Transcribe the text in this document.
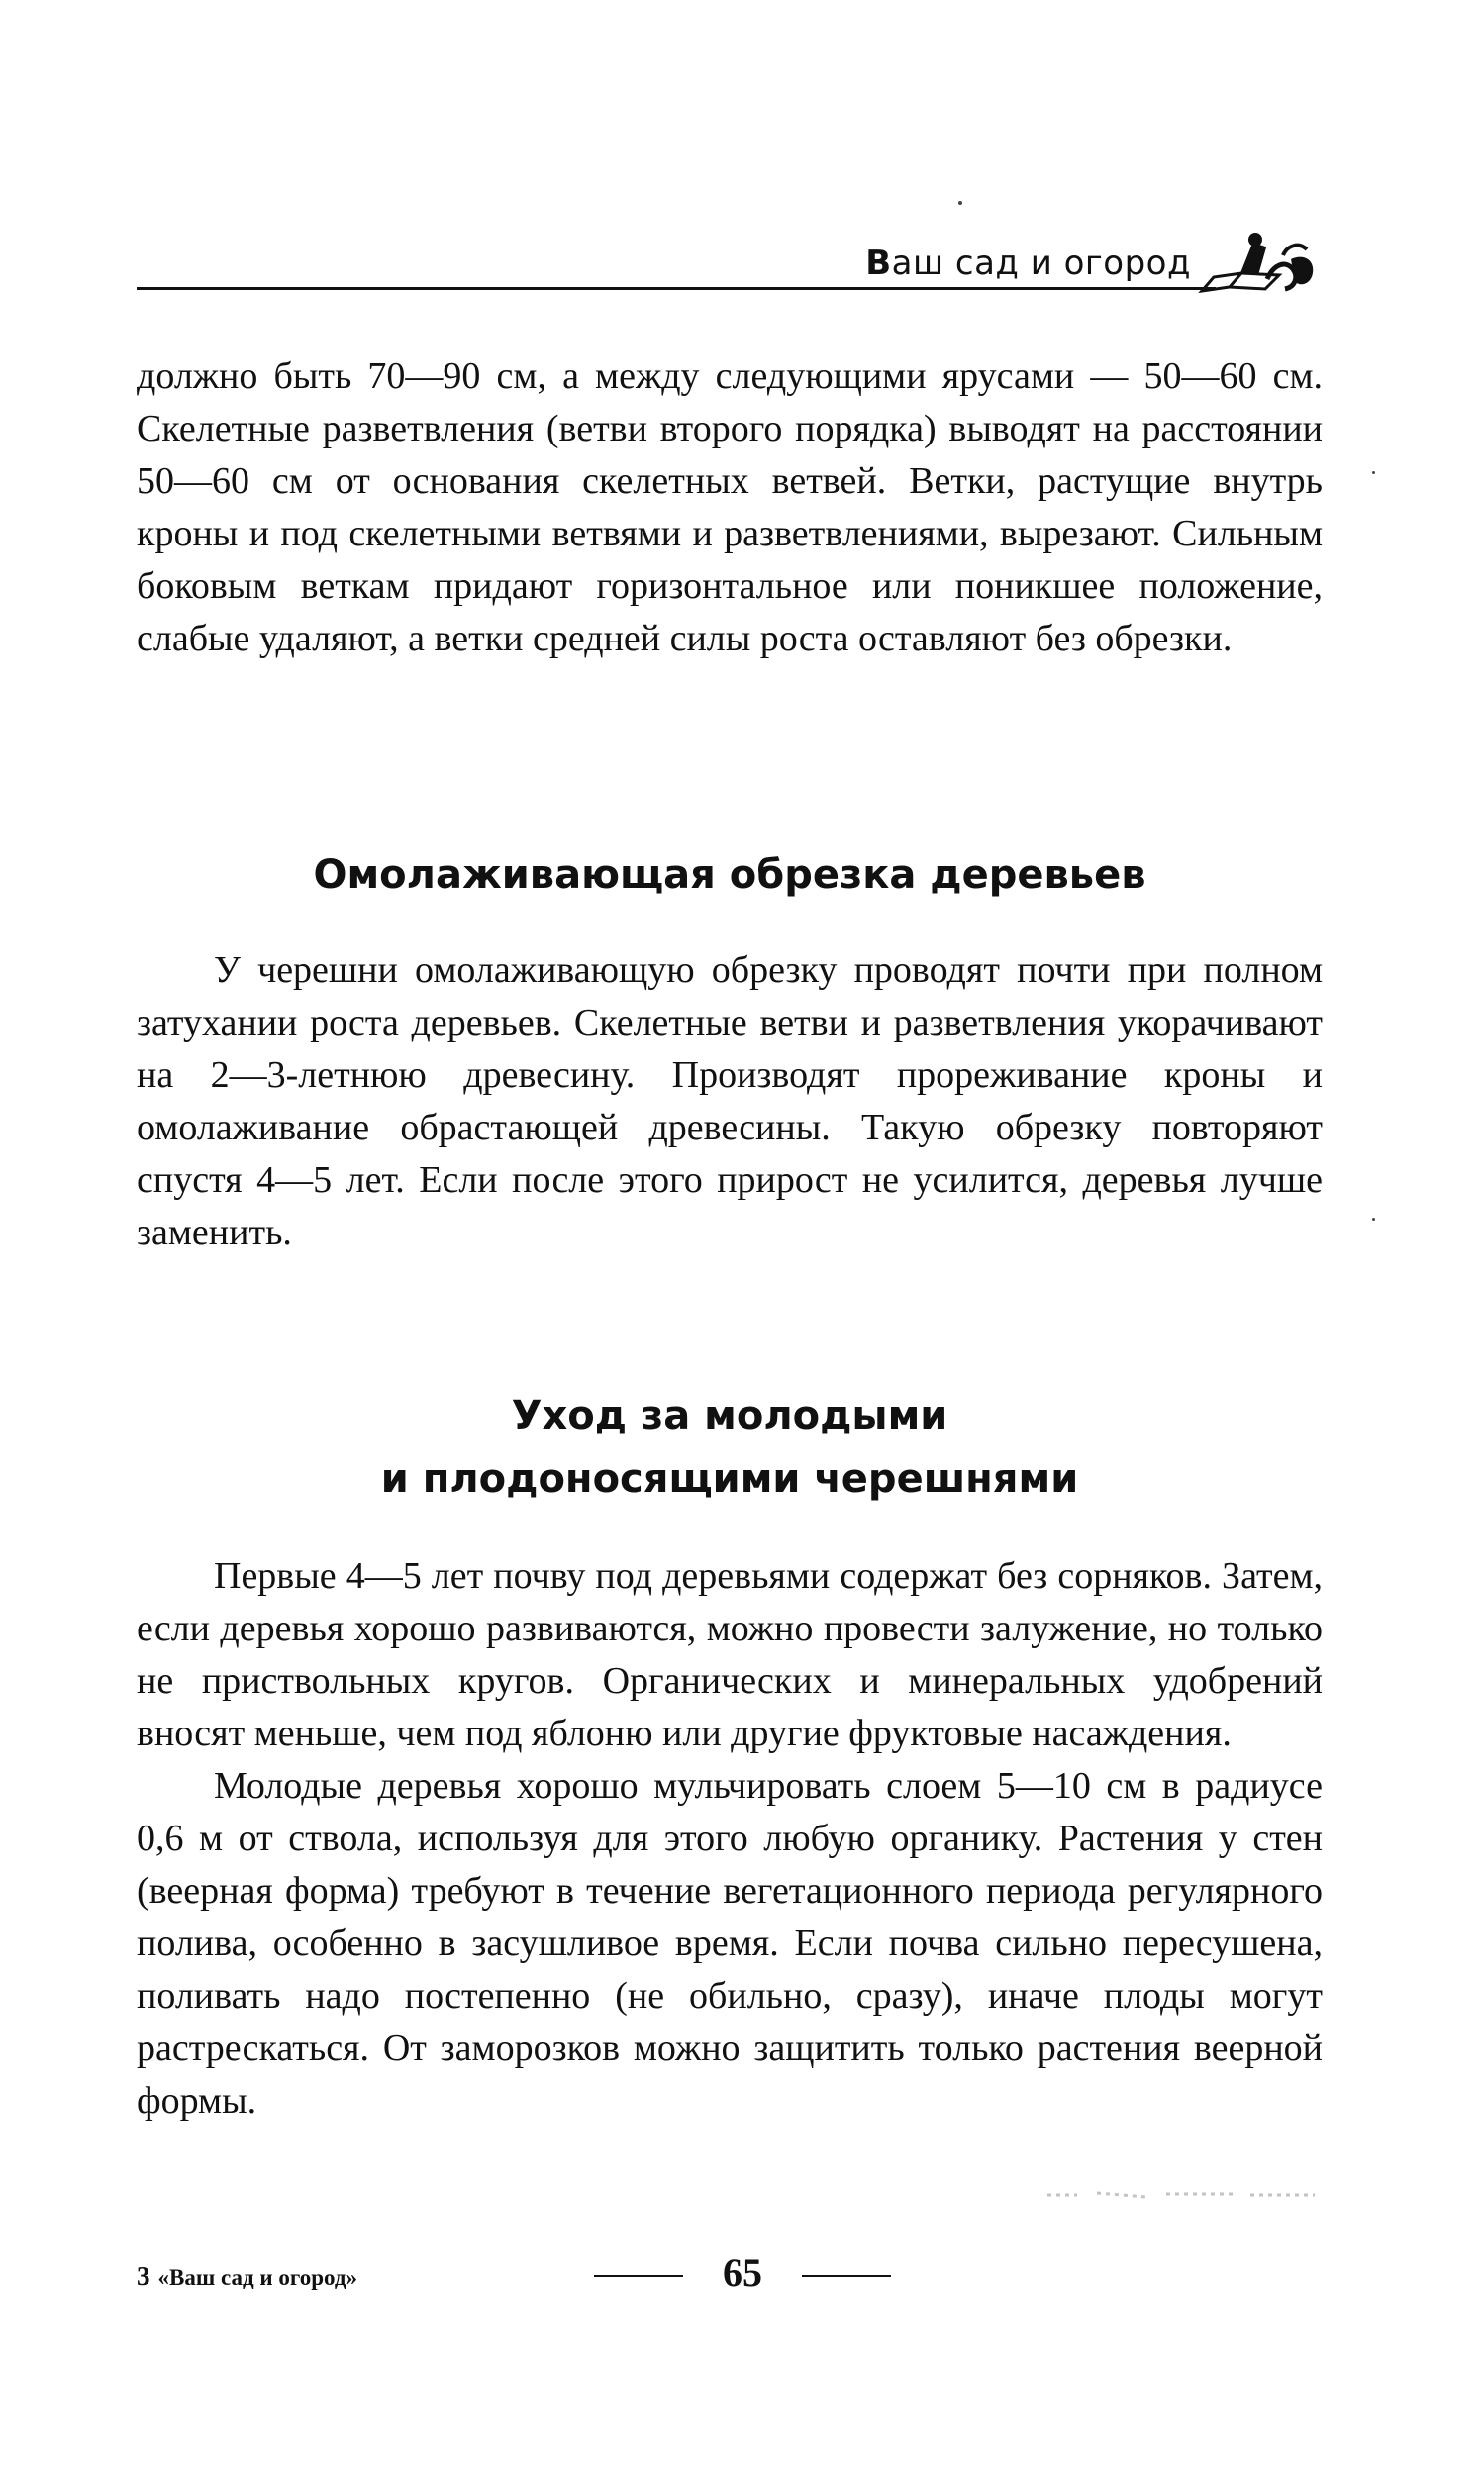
Ваш сад и огород

должно быть 70—90 см, а между следующими ярусами — 50—60 см. Скелетные разветвления (ветви второго порядка) выводят на расстоянии 50—60 см от основания скелетных ветвей. Ветки, растущие внутрь кроны и под скелетными ветвями и разветвлениями, вырезают. Сильным боковым веткам придают горизонтальное или поникшее положение, слабые удаляют, а ветки средней силы роста оставляют без обрезки.

Омолаживающая обрезка деревьев

У черешни омолаживающую обрезку проводят почти при полном затухании роста деревьев. Скелетные ветви и разветвления укорачивают на 2—3-летнюю древесину. Производят прореживание кроны и омолаживание обрастающей древесины. Такую обрезку повторяют спустя 4—5 лет. Если после этого прирост не усилится, деревья лучше заменить.

Уход за молодыми
и плодоносящими черешнями

Первые 4—5 лет почву под деревьями содержат без сорняков. Затем, если деревья хорошо развиваются, можно провести залужение, но только не приствольных кругов. Органических и минеральных удобрений вносят меньше, чем под яблоню или другие фруктовые насаждения.

Молодые деревья хорошо мульчировать слоем 5—10 см в радиусе 0,6 м от ствола, используя для этого любую органику. Растения у стен (веерная форма) требуют в течение вегетационного периода регулярного полива, особенно в засушливое время. Если почва сильно пересушена, поливать надо постепенно (не обильно, сразу), иначе плоды могут растрескаться. От заморозков можно защитить только растения веерной формы.

3 «Ваш сад и огород»	65
